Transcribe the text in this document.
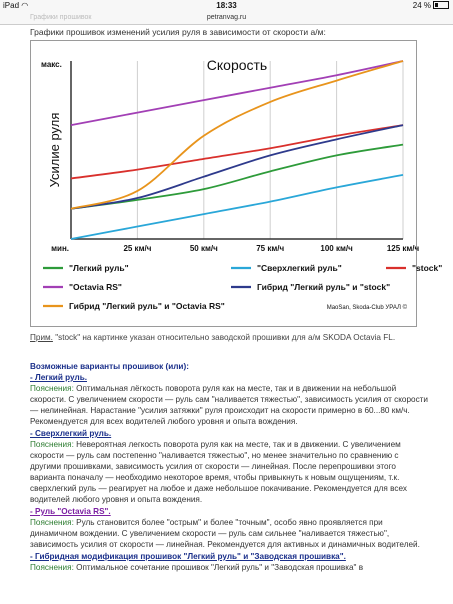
iPad ◠	18:33	24 %
Графики прошивок	petranvag.ru

Графики прошивок изменений усилия руля в зависимости от скорости а/м:

макс.	Скорость
Усилие руля
мин.	25 км/ч	50 км/ч	75 км/ч	100 км/ч	125 км/ч
"Легкий руль"	"Сверхлегкий руль"	"stock"
"Octavia RS"	Гибрид "Легкий руль" и "stock"
Гибрид "Легкий руль" и "Octavia RS"	MaoSan, Skoda-Club УРАЛ ©
Прим. "stock" на картинке указан относительно заводской прошивки для а/м SKODA Octavia FL.
Возможные варианты прошивок (или):
- Легкий руль.

Пояснения: Оптимальная лёгкость поворота руля как на месте, так и в движении на небольшой скорости. С увеличением скорости — руль сам "наливается тяжестью", зависимость усилия от скорости — нелинейная. Нарастание "усилия затяжки" руля происходит на скорости примерно в 60...80 км/ч. Рекомендуется для всех водителей любого уровня и опыта вождения.

- Сверхлегкий руль.

Пояснения: Невероятная легкость поворота руля как на месте, так и в движении. С увеличением скорости — руль сам постепенно "наливается тяжестью", но менее значительно по сравнению с другими прошивками, зависимость усилия от скорости — линейная. После перепрошивки этого варианта поначалу — необходимо некоторое время, чтобы привыкнуть к новым ощущениям, т.к. сверхлегкий руль — реагирует на любое и даже небольшое покачивание. Рекомендуется для всех водителей любого уровня и опыта вождения.

- Руль "Octavia RS".

Пояснения: Руль становится более "острым" и более "точным", особо явно проявляется при динамичном вождении. С увеличением скорости — руль сам сильнее "наливается тяжестью", зависимость усилия от скорости — линейная. Рекомендуется для активных и динамичных водителей.

- Гибридная модификация прошивок "Легкий руль" и "Заводская прошивка".

Пояснения: Оптимальное сочетание прошивок "Легкий руль" и "Заводская прошивка" в
